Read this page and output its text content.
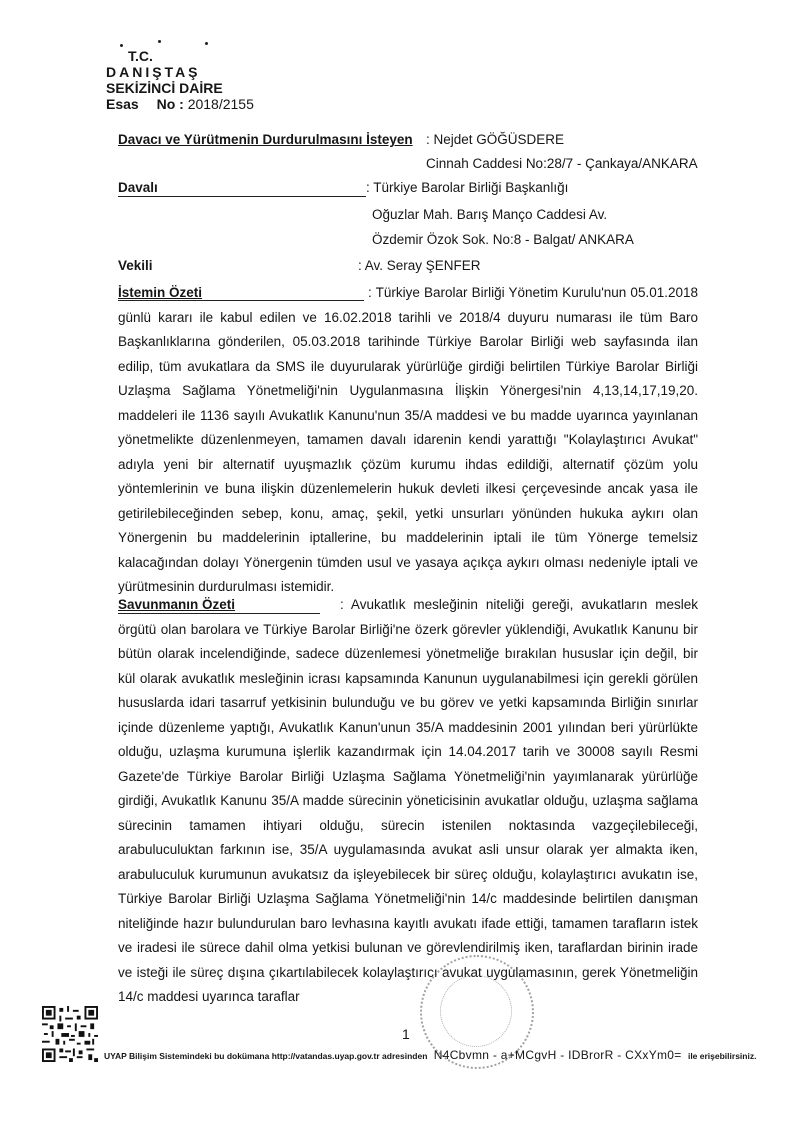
T.C.
DANIŞTAŞ
SEKİZİNCİ DAİRE
Esas No : 2018/2155
Davacı ve Yürütmenin Durdurulmasını İsteyen : Nejdet GÖĞÜSDERE
Cinnah Caddesi No:28/7 - Çankaya/ANKARA
Davalı	: Türkiye Barolar Birliği Başkanlığı
Oğuzlar Mah. Barış Manço Caddesi Av.
Özdemir Özok Sok. No:8 - Balgat/ ANKARA
Vekili	: Av. Seray ŞENFER
İstemin Özeti	: Türkiye Barolar Birliği Yönetim Kurulu'nun 05.01.2018 günlü kararı ile kabul edilen ve 16.02.2018 tarihli ve 2018/4 duyuru numarası ile tüm Baro Başkanlıklarına gönderilen, 05.03.2018 tarihinde Türkiye Barolar Birliği web sayfasında ilan edilip, tüm avukatlara da SMS ile duyurularak yürürlüğe girdiği belirtilen Türkiye Barolar Birliği Uzlaşma Sağlama Yönetmeliği'nin Uygulanmasına İlişkin Yönergesi'nin 4,13,14,17,19,20. maddeleri ile 1136 sayılı Avukatlık Kanunu'nun 35/A maddesi ve bu madde uyarınca yayınlanan yönetmelikte düzenlenmeyen, tamamen davalı idarenin kendi yarattığı "Kolaylaştırıcı Avukat" adıyla yeni bir alternatif uyuşmazlık çözüm kurumu ihdas edildiği, alternatif çözüm yolu yöntemlerinin ve buna ilişkin düzenlemelerin hukuk devleti ilkesi çerçevesinde ancak yasa ile getirilebileceğinden sebep, konu, amaç, şekil, yetki unsurları yönünden hukuka aykırı olan Yönergenin bu maddelerinin iptallerine, bu maddelerinin iptali ile tüm Yönerge temelsiz kalacağından dolayı Yönergenin tümden usul ve yasaya açıkça aykırı olması nedeniyle iptali ve yürütmesinin durdurulması istemidir.
Savunmanın Özeti	: Avukatlık mesleğinin niteliği gereği, avukatların meslek örgütü olan barolara ve Türkiye Barolar Birliği'ne özerk görevler yüklendiği, Avukatlık Kanunu bir bütün olarak incelendiğinde, sadece düzenlemesi yönetmeliğe bırakılan hususlar için değil, bir kül olarak avukatlık mesleğinin icrası kapsamında Kanunun uygulanabilmesi için gerekli görülen hususlarda idari tasarruf yetkisinin bulunduğu ve bu görev ve yetki kapsamında Birliğin sınırlar içinde düzenleme yaptığı, Avukatlık Kanun'unun 35/A maddesinin 2001 yılından beri yürürlükte olduğu, uzlaşma kurumuna işlerlik kazandırmak için 14.04.2017 tarih ve 30008 sayılı Resmi Gazete'de Türkiye Barolar Birliği Uzlaşma Sağlama Yönetmeliği'nin yayımlanarak yürürlüğe girdiği, Avukatlık Kanunu 35/A madde sürecinin yöneticisinin avukatlar olduğu, uzlaşma sağlama sürecinin tamamen ihtiyari olduğu, sürecin istenilen noktasında vazgeçilebileceği, arabuluculuktan farkının ise, 35/A uygulamasında avukat asli unsur olarak yer almakta iken, arabuluculuk kurumunun avukatsız da işleyebilecek bir süreç olduğu, kolaylaştırıcı avukatın ise, Türkiye Barolar Birliği Uzlaşma Sağlama Yönetmeliği'nin 14/c maddesinde belirtilen danışman niteliğinde hazır bulundurulan baro levhasına kayıtlı avukatı ifade ettiği, tamamen tarafların istek ve iradesi ile sürece dahil olma yetkisi bulunan ve görevlendirilmiş iken, taraflardan birinin irade ve isteği ile süreç dışına çıkartılabilecek kolaylaştırıcı avukat uygulamasının, gerek Yönetmeliğin 14/c maddesi uyarınca taraflar
1
UYAP Bilişim Sistemindeki bu dokümana http://vatandas.uyap.gov.tr adresinden N4Cbvmn - a+MCgvH - IDBrorR - CXxYm0= ile erişebilirsiniz.
